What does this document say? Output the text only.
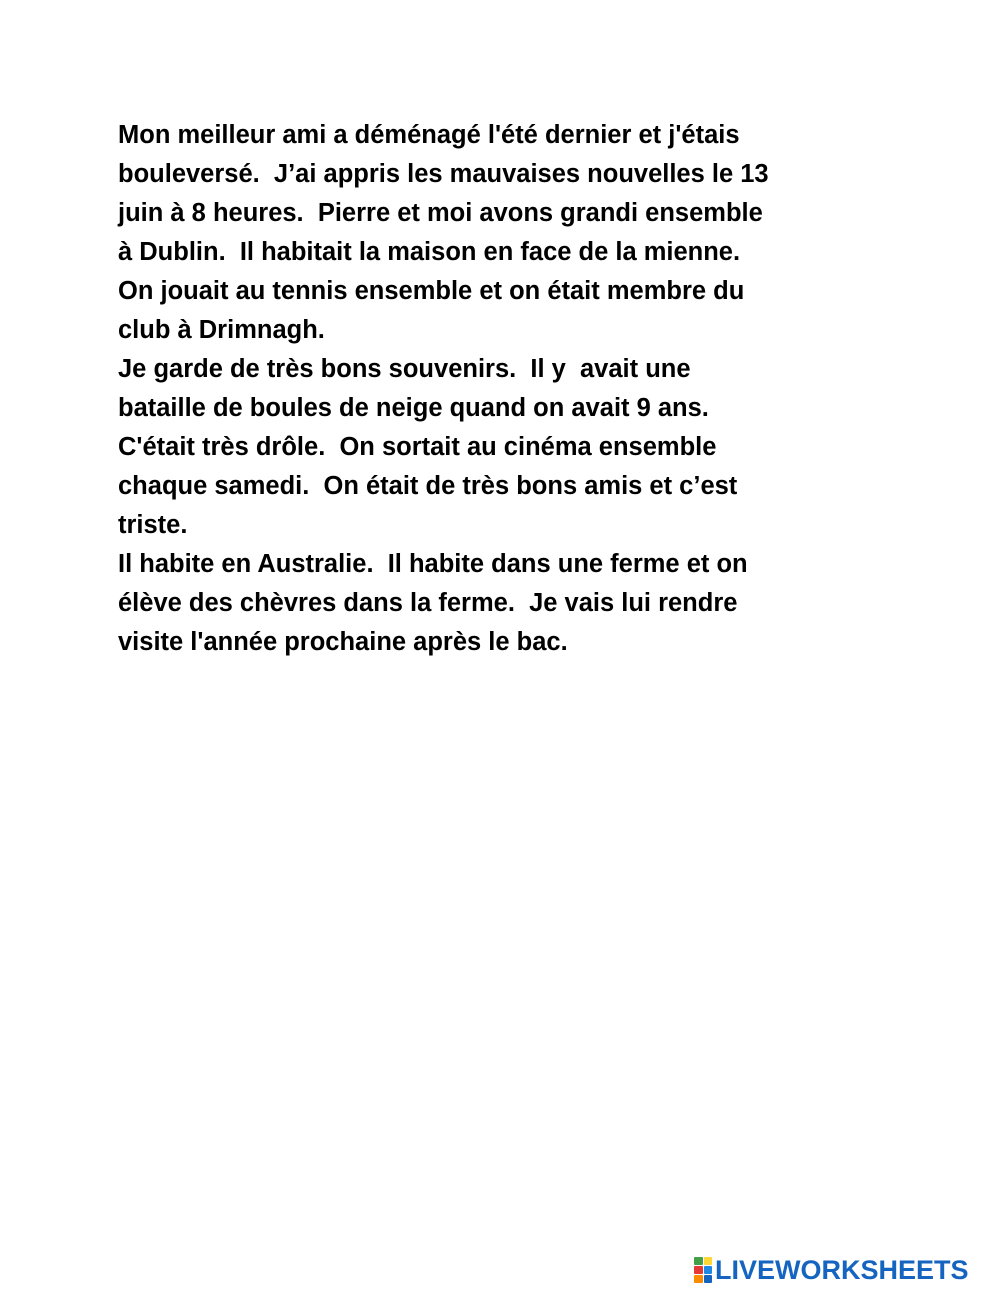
Mon meilleur ami a déménagé l'été dernier et j'étais
bouleversé.  J’ai appris les mauvaises nouvelles le 13
juin à 8 heures.  Pierre et moi avons grandi ensemble
à Dublin.  Il habitait la maison en face de la mienne.
On jouait au tennis ensemble et on était membre du
club à Drimnagh.
Je garde de très bons souvenirs.  Il y  avait une
bataille de boules de neige quand on avait 9 ans.
C'était très drôle.  On sortait au cinéma ensemble
chaque samedi.  On était de très bons amis et c’est
triste.
Il habite en Australie.  Il habite dans une ferme et on
élève des chèvres dans la ferme.  Je vais lui rendre
visite l'année prochaine après le bac.
LIVEWORKSHEETS
